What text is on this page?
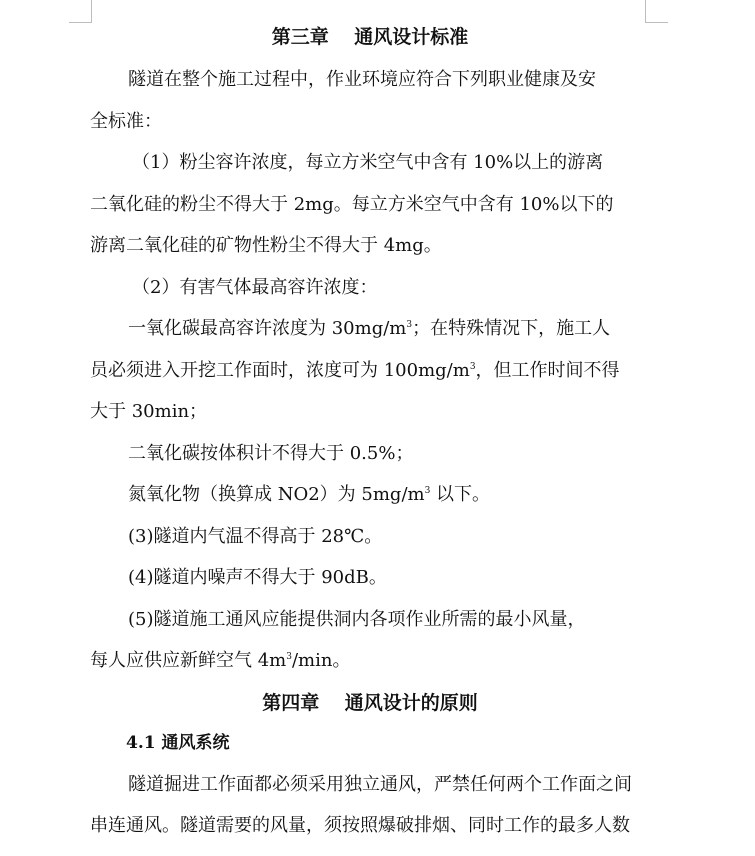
第三章　 通风设计标准
隧道在整个施工过程中，作业环境应符合下列职业健康及安
全标准：
（1）粉尘容许浓度，每立方米空气中含有 10%以上的游离
二氧化硅的粉尘不得大于 2mg。每立方米空气中含有 10%以下的
游离二氧化硅的矿物性粉尘不得大于 4mg。
（2）有害气体最高容许浓度：
一氧化碳最高容许浓度为 $30mg/m^3$；在特殊情况下，施工人
员必须进入开挖工作面时，浓度可为 $100mg/m^3$，但工作时间不得
大于 30min；
二氧化碳按体积计不得大于 0.5%；
氮氧化物（换算成 NO2）为 $5mg/m^3$ 以下。
(3)隧道内气温不得高于 28℃。
(4)隧道内噪声不得大于 90dB。
(5)隧道施工通风应能提供洞内各项作业所需的最小风量，
每人应供应新鲜空气 $4m^3/\min$。
第四章　 通风设计的原则
4.1 通风系统
隧道掘进工作面都必须采用独立通风，严禁任何两个工作面之间
串连通风。隧道需要的风量，须按照爆破排烟、同时工作的最多人数
